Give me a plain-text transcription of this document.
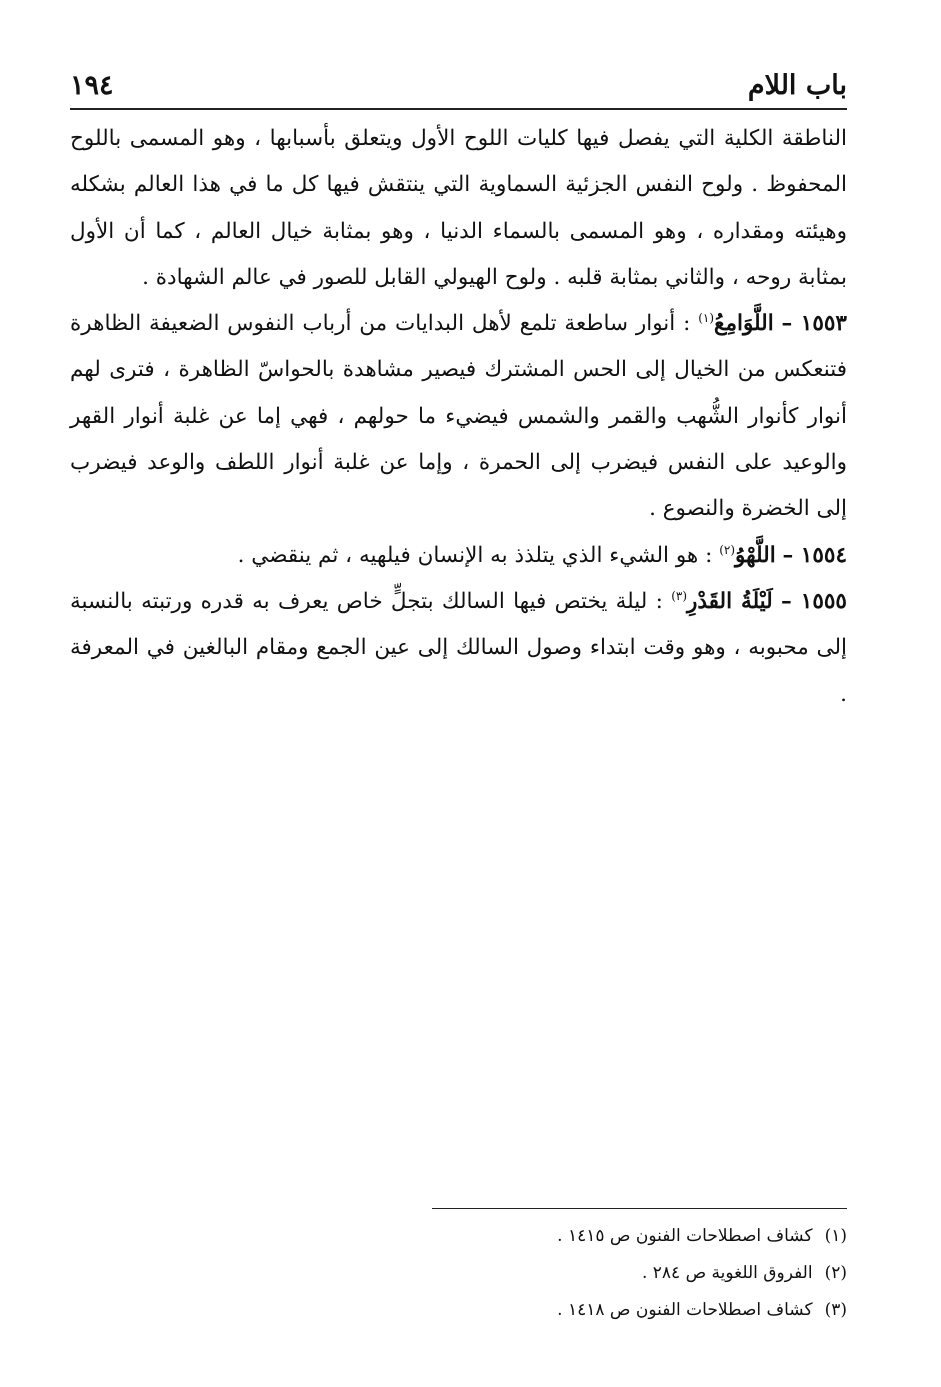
باب اللام
١٩٤

الناطقة الكلية التي يفصل فيها كليات اللوح الأول ويتعلق بأسبابها ، وهو المسمى باللوح المحفوظ . ولوح النفس الجزئية السماوية التي ينتقش فيها كل ما في هذا العالم بشكله وهيئته ومقداره ، وهو المسمى بالسماء الدنيا ، وهو بمثابة خيال العالم ، كما أن الأول بمثابة روحه ، والثاني بمثابة قلبه . ولوح الهيولي القابل للصور في عالم الشهادة .

١٥٥٣ – اللَّوَامِعُ$^{(١)}$ : أنوار ساطعة تلمع لأهل البدايات من أرباب النفوس الضعيفة الظاهرة فتنعكس من الخيال إلى الحس المشترك فيصير مشاهدة بالحواسّ الظاهرة ، فترى لهم أنوار كأنوار الشُّهب والقمر والشمس فيضيء ما حولهم ، فهي إما عن غلبة أنوار القهر والوعيد على النفس فيضرب إلى الحمرة ، وإما عن غلبة أنوار اللطف والوعد فيضرب إلى الخضرة والنصوع .

١٥٥٤ – اللَّهْوُ$^{(٢)}$ : هو الشيء الذي يتلذذ به الإنسان فيلهيه ، ثم ينقضي .

١٥٥٥ – لَيْلَةُ القَدْرِ$^{(٣)}$ : ليلة يختص فيها السالك بتجلٍّ خاص يعرف به قدره ورتبته بالنسبة إلى محبوبه ، وهو وقت ابتداء وصول السالك إلى عين الجمع ومقام البالغين في المعرفة .

(١)كشاف اصطلاحات الفنون ص ١٤١٥ .
(٢)الفروق اللغوية ص ٢٨٤ .
(٣)كشاف اصطلاحات الفنون ص ١٤١٨ .
